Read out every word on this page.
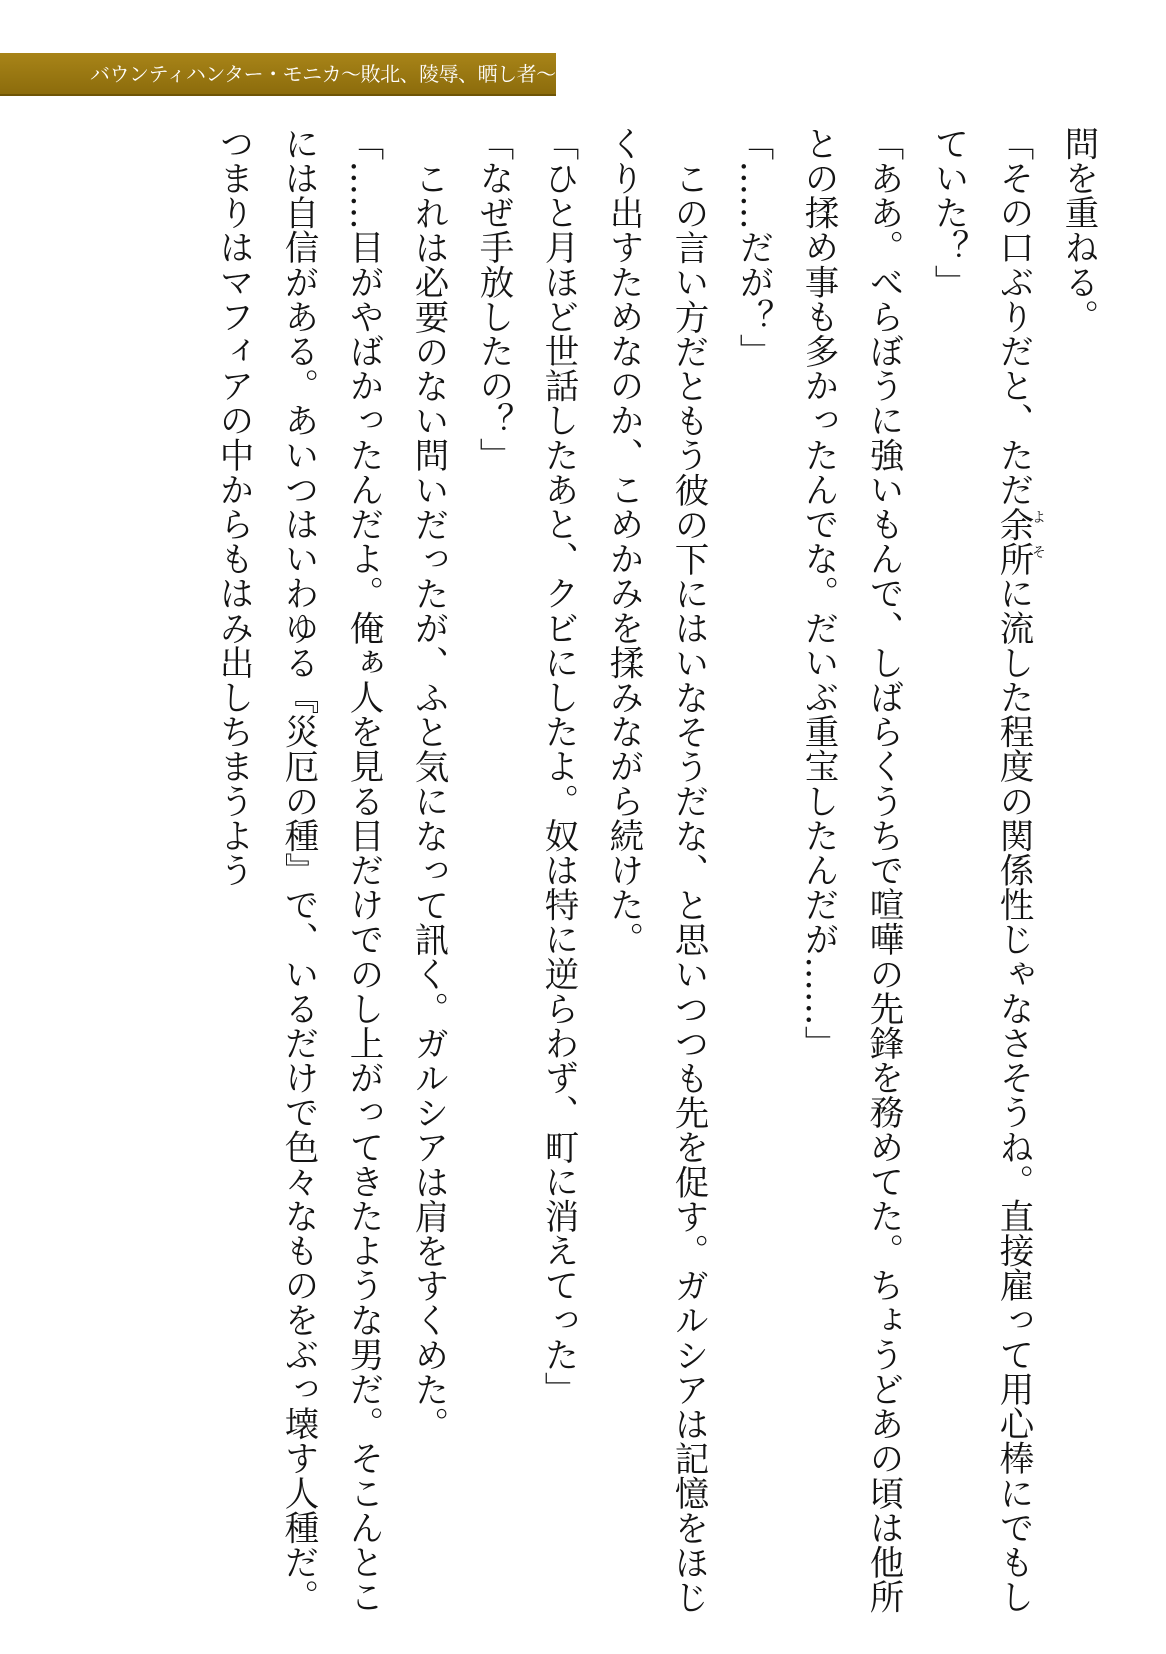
バウンティハンター・モニカ〜敗北、陵辱、晒し者〜

問を重ねる。

「その口ぶりだと、ただ余所よそに流した程度の関係性じゃなさそうね。直接雇って用心棒にでもしていた？」

「ああ。べらぼうに強いもんで、しばらくうちで喧嘩の先鋒を務めてた。ちょうどあの頃は他所との揉め事も多かったんでな。だいぶ重宝したんだが……」

「……だが？」

この言い方だともう彼の下にはいなそうだな、と思いつつも先を促す。ガルシアは記憶をほじくり出すためなのか、こめかみを揉みながら続けた。

「ひと月ほど世話したあと、クビにしたよ。奴は特に逆らわず、町に消えてった」

「なぜ手放したの？」

これは必要のない問いだったが、ふと気になって訊く。ガルシアは肩をすくめた。

「……目がやばかったんだよ。俺ぁ人を見る目だけでのし上がってきたような男だ。そこんとこには自信がある。あいつはいわゆる『災厄の種』で、いるだけで色々なものをぶっ壊す人種だ。つまりはマフィアの中からもはみ出しちまうよう
